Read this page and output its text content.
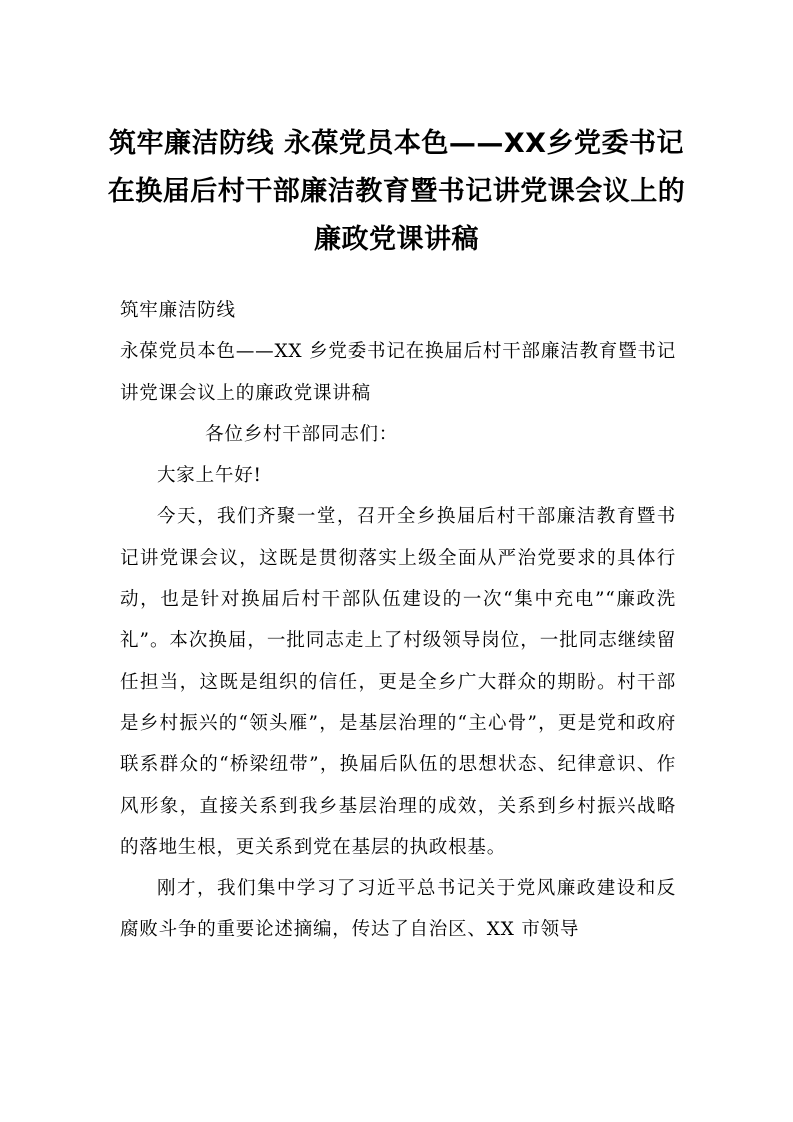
筑牢廉洁防线 永葆党员本色——XX乡党委书记在换届后村干部廉洁教育暨书记讲党课会议上的廉政党课讲稿

筑牢廉洁防线

永葆党员本色——XX 乡党委书记在换届后村干部廉洁教育暨书记讲党课会议上的廉政党课讲稿

各位乡村干部同志们：

大家上午好!

今天，我们齐聚一堂，召开全乡换届后村干部廉洁教育暨书记讲党课会议，这既是贯彻落实上级全面从严治党要求的具体行动，也是针对换届后村干部队伍建设的一次“集中充电”“廉政洗礼”。本次换届，一批同志走上了村级领导岗位，一批同志继续留任担当，这既是组织的信任，更是全乡广大群众的期盼。村干部是乡村振兴的“领头雁”，是基层治理的“主心骨”，更是党和政府联系群众的“桥梁纽带”，换届后队伍的思想状态、纪律意识、作风形象，直接关系到我乡基层治理的成效，关系到乡村振兴战略的落地生根，更关系到党在基层的执政根基。

刚才，我们集中学习了习近平总书记关于党风廉政建设和反腐败斗争的重要论述摘编，传达了自治区、XX 市领导
